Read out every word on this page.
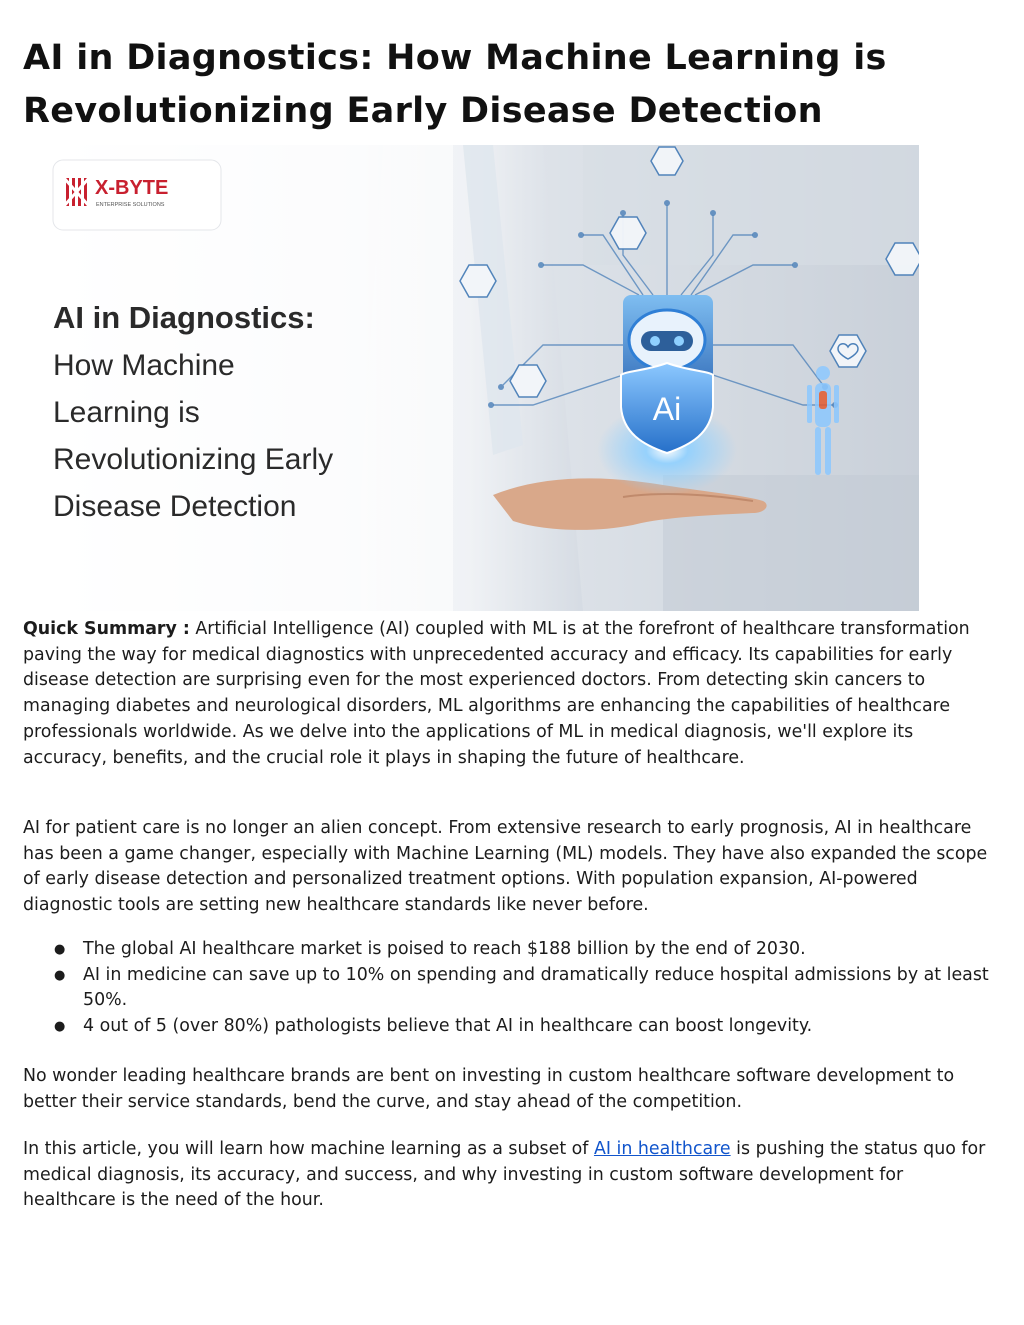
AI in Diagnostics: How Machine Learning is Revolutionizing Early Disease Detection
Ai
X-BYTE
ENTERPRISE SOLUTIONS
AI in Diagnostics:
How Machine
Learning is
Revolutionizing Early
Disease Detection

Quick Summary : Artificial Intelligence (AI) coupled with ML is at the forefront of healthcare transformation paving the way for medical diagnostics with unprecedented accuracy and efficacy. Its capabilities for early disease detection are surprising even for the most experienced doctors. From detecting skin cancers to managing diabetes and neurological disorders, ML algorithms are enhancing the capabilities of healthcare professionals worldwide. As we delve into the applications of ML in medical diagnosis, we'll explore its accuracy, benefits, and the crucial role it plays in shaping the future of healthcare.

AI for patient care is no longer an alien concept. From extensive research to early prognosis, AI in healthcare has been a game changer, especially with Machine Learning (ML) models. They have also expanded the scope of early disease detection and personalized treatment options. With population expansion, AI-powered diagnostic tools are setting new healthcare standards like never before.

● The global AI healthcare market is poised to reach $188 billion by the end of 2030.
● AI in medicine can save up to 10% on spending and dramatically reduce hospital admissions by at least 50%.
● 4 out of 5 (over 80%) pathologists believe that AI in healthcare can boost longevity.

No wonder leading healthcare brands are bent on investing in custom healthcare software development to better their service standards, bend the curve, and stay ahead of the competition.

In this article, you will learn how machine learning as a subset of AI in healthcare is pushing the status quo for medical diagnosis, its accuracy, and success, and why investing in custom software development for healthcare is the need of the hour.
